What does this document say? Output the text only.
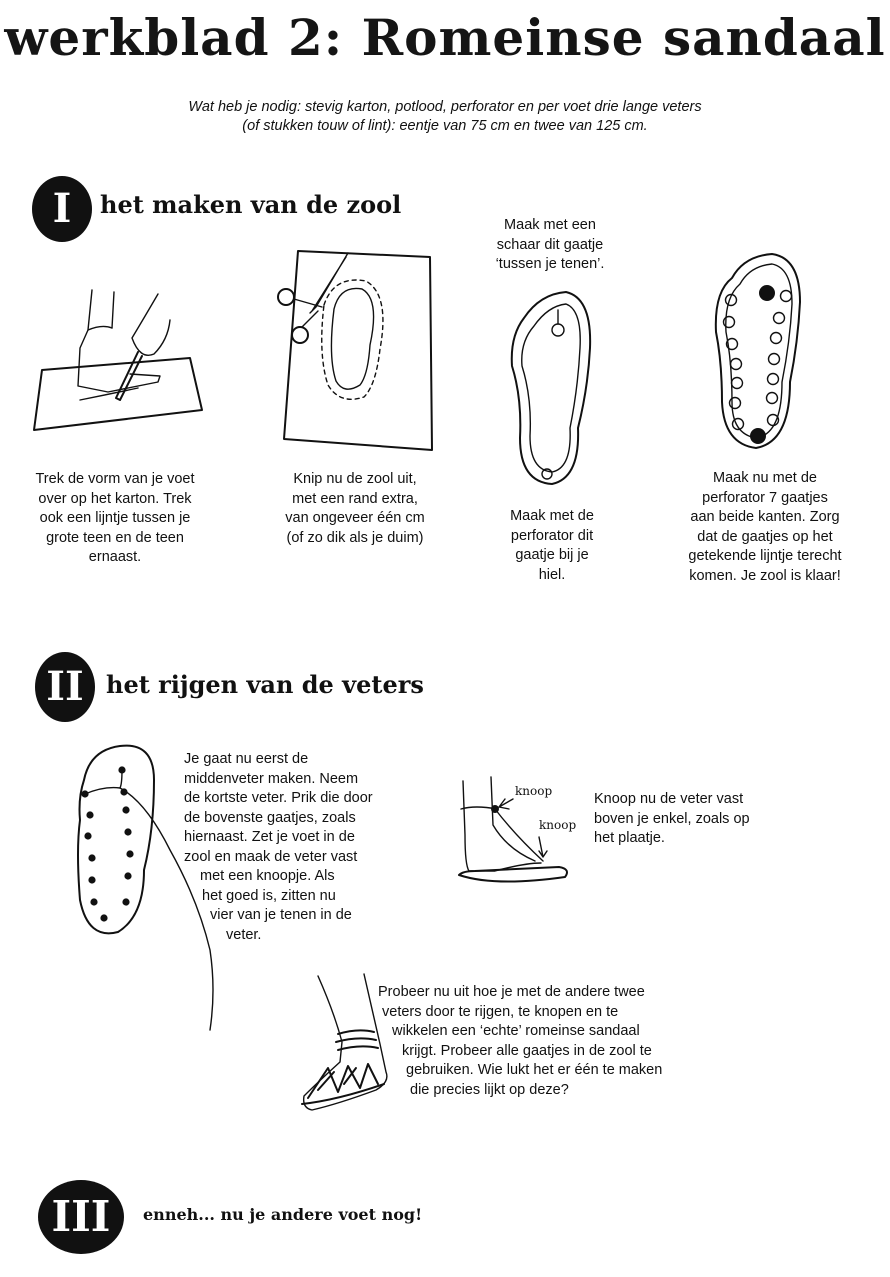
werkblad 2: Romeinse sandaal
Wat heb je nodig: stevig karton, potlood, perforator en per voet drie lange veters
(of stukken touw of lint): eentje van 75 cm en twee van 125 cm.
I	het maken van de zool
Trek de vorm van je voet
over op het karton. Trek
ook een lijntje tussen je
grote teen en de teen
ernaast.
Knip nu de zool uit,
met een rand extra,
van ongeveer één cm
(of zo dik als je duim)
Maak met een
schaar dit gaatje
‘tussen je tenen’.
Maak met de
perforator dit
gaatje bij je
hiel.
Maak nu met de
perforator 7 gaatjes
aan beide kanten. Zorg
dat de gaatjes op het
getekende lijntje terecht
komen. Je zool is klaar!
II het rijgen van de veters
Je gaat nu eerst de
middenveter maken. Neem
de kortste veter. Prik die door
de bovenste gaatjes, zoals
hiernaast. Zet je voet in de
zool en maak de veter vast
met een knoopje. Als
het goed is, zitten nu
vier van je tenen in de
veter.
knoop
knoop
Knoop nu de veter vast
boven je enkel, zoals op
het plaatje.
Probeer nu uit hoe je met de andere twee
veters door te rijgen, te knopen en te
wikkelen een ‘echte’ romeinse sandaal
krijgt. Probeer alle gaatjes in de zool te
gebruiken. Wie lukt het er één te maken
die precies lijkt op deze?
III	enneh... nu je andere voet nog!
